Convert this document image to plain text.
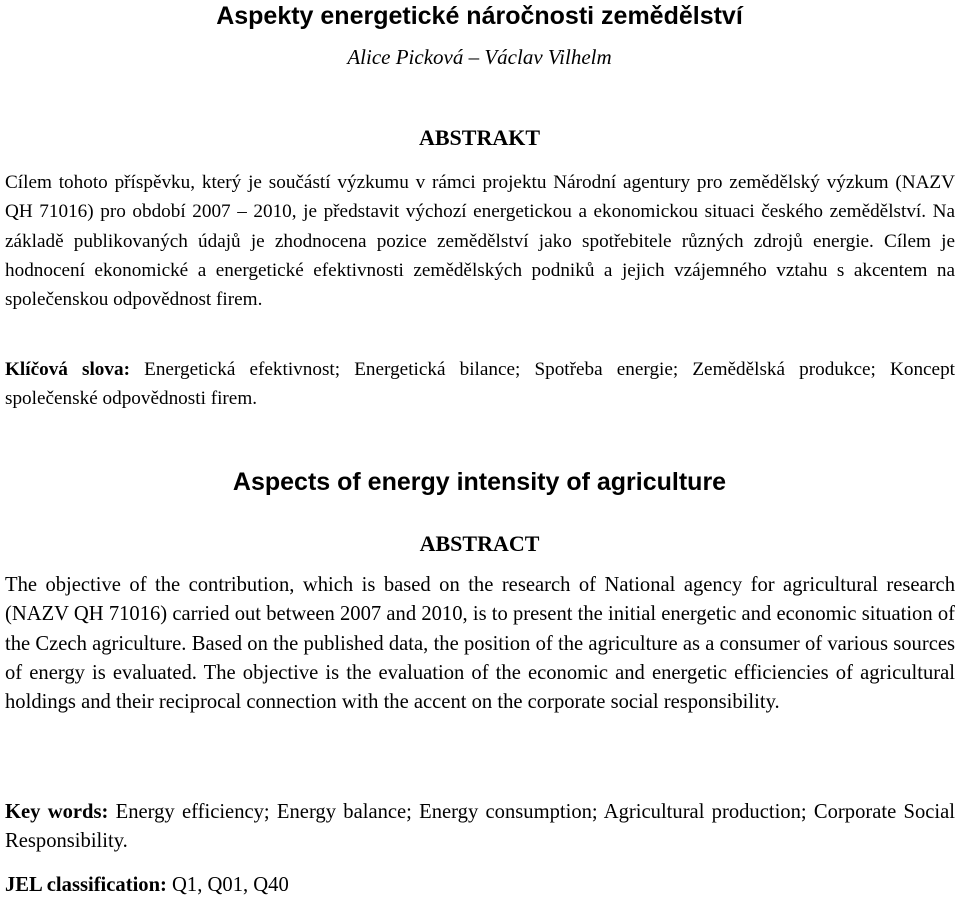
Aspekty energetické náročnosti zemědělství

Alice Picková – Václav Vilhelm

ABSTRAKT

Cílem tohoto příspěvku, který je součástí výzkumu v rámci projektu Národní agentury pro zemědělský výzkum (NAZV QH 71016) pro období 2007 – 2010, je představit výchozí energetickou a ekonomickou situaci českého zemědělství. Na základě publikovaných údajů je zhodnocena pozice zemědělství jako spotřebitele různých zdrojů energie. Cílem je hodnocení ekonomické a energetické efektivnosti zemědělských podniků a jejich vzájemného vztahu s akcentem na společenskou odpovědnost firem.

Klíčová slova: Energetická efektivnost; Energetická bilance; Spotřeba energie; Zemědělská produkce; Koncept společenské odpovědnosti firem.

Aspects of energy intensity of agriculture
ABSTRACT

The objective of the contribution, which is based on the research of National agency for agricultural research (NAZV QH 71016) carried out between 2007 and 2010, is to present the initial energetic and economic situation of the Czech agriculture. Based on the published data, the position of the agriculture as a consumer of various sources of energy is evaluated. The objective is the evaluation of the economic and energetic efficiencies of agricultural holdings and their reciprocal connection with the accent on the corporate social responsibility.

Key words: Energy efficiency; Energy balance; Energy consumption; Agricultural production; Corporate Social Responsibility.

JEL classification: Q1, Q01, Q40
